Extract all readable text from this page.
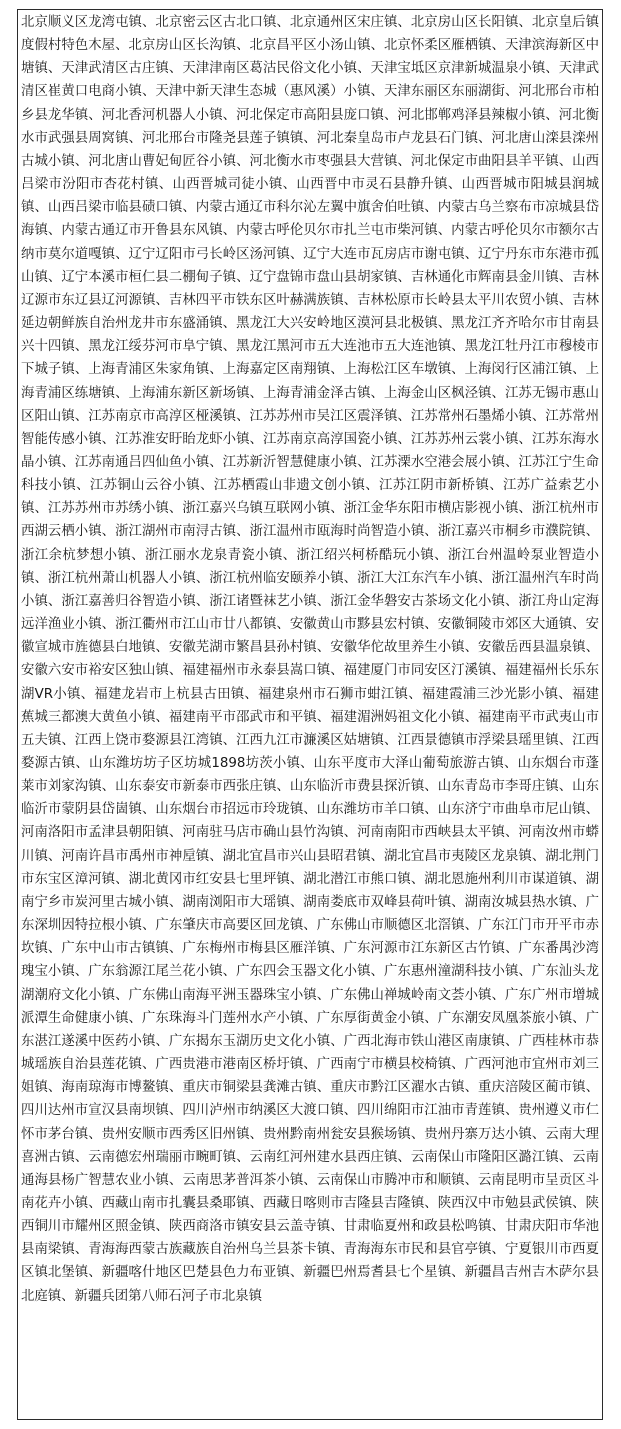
北京顺义区龙湾屯镇、北京密云区古北口镇、北京通州区宋庄镇、北京房山区长阳镇、北京皇后镇度假村特色木屋、北京房山区长沟镇、北京昌平区小汤山镇、北京怀柔区雁栖镇、天津滨海新区中塘镇、天津武清区古庄镇、天津津南区葛沽民俗文化小镇、天津宝坻区京津新城温泉小镇、天津武清区崔黄口电商小镇、天津中新天津生态城（惠风溪）小镇、天津东丽区东丽湖街、河北邢台市柏乡县龙华镇、河北香河机器人小镇、河北保定市高阳县庞口镇、河北邯郸鸡泽县辣椒小镇、河北衡水市武强县周窝镇、河北邢台市隆尧县莲子镇镇、河北秦皇岛市卢龙县石门镇、河北唐山滦县滦州古城小镇、河北唐山曹妃甸匠谷小镇、河北衡水市枣强县大营镇、河北保定市曲阳县羊平镇、山西吕梁市汾阳市杏花村镇、山西晋城司徒小镇、山西晋中市灵石县静升镇、山西晋城市阳城县润城镇、山西吕梁市临县碛口镇、内蒙古通辽市科尔沁左翼中旗舍伯吐镇、内蒙古乌兰察布市凉城县岱海镇、内蒙古通辽市开鲁县东风镇、内蒙古呼伦贝尔市扎兰屯市柴河镇、内蒙古呼伦贝尔市额尔古纳市莫尔道嘎镇、辽宁辽阳市弓长岭区汤河镇、辽宁大连市瓦房店市谢屯镇、辽宁丹东市东港市孤山镇、辽宁本溪市桓仁县二棚甸子镇、辽宁盘锦市盘山县胡家镇、吉林通化市辉南县金川镇、吉林辽源市东辽县辽河源镇、吉林四平市铁东区叶赫满族镇、吉林松原市长岭县太平川农贸小镇、吉林延边朝鲜族自治州龙井市东盛涌镇、黑龙江大兴安岭地区漠河县北极镇、黑龙江齐齐哈尔市甘南县兴十四镇、黑龙江绥芬河市阜宁镇、黑龙江黑河市五大连池市五大连池镇、黑龙江牡丹江市穆棱市下城子镇、上海青浦区朱家角镇、上海嘉定区南翔镇、上海松江区车墩镇、上海闵行区浦江镇、上海青浦区练塘镇、上海浦东新区新场镇、上海青浦金泽古镇、上海金山区枫泾镇、江苏无锡市惠山区阳山镇、江苏南京市高淳区桠溪镇、江苏苏州市吴江区震泽镇、江苏常州石墨烯小镇、江苏常州智能传感小镇、江苏淮安盱眙龙虾小镇、江苏南京高淳国瓷小镇、江苏苏州云裳小镇、江苏东海水晶小镇、江苏南通吕四仙鱼小镇、江苏新沂智慧健康小镇、江苏溧水空港会展小镇、江苏江宁生命科技小镇、江苏铜山云谷小镇、江苏栖霞山非遗文创小镇、江苏江阴市新桥镇、江苏广益索艺小镇、江苏苏州市苏绣小镇、浙江嘉兴乌镇互联网小镇、浙江金华东阳市横店影视小镇、浙江杭州市西湖云栖小镇、浙江湖州市南浔古镇、浙江温州市瓯海时尚智造小镇、浙江嘉兴市桐乡市濮院镇、浙江余杭梦想小镇、浙江丽水龙泉青瓷小镇、浙江绍兴柯桥酷玩小镇、浙江台州温岭泵业智造小镇、浙江杭州萧山机器人小镇、浙江杭州临安颐养小镇、浙江大江东汽车小镇、浙江温州汽车时尚小镇、浙江嘉善归谷智造小镇、浙江诸暨袜艺小镇、浙江金华磐安古茶场文化小镇、浙江舟山定海远洋渔业小镇、浙江衢州市江山市廿八都镇、安徽黄山市黟县宏村镇、安徽铜陵市郊区大通镇、安徽宣城市旌德县白地镇、安徽芜湖市繁昌县孙村镇、安徽华佗故里养生小镇、安徽岳西县温泉镇、安徽六安市裕安区独山镇、福建福州市永泰县嵩口镇、福建厦门市同安区汀溪镇、福建福州长乐东湖VR小镇、福建龙岩市上杭县古田镇、福建泉州市石狮市蚶江镇、福建霞浦三沙光影小镇、福建蕉城三都澳大黄鱼小镇、福建南平市邵武市和平镇、福建湄洲妈祖文化小镇、福建南平市武夷山市五夫镇、江西上饶市婺源县江湾镇、江西九江市濂溪区姑塘镇、江西景德镇市浮梁县瑶里镇、江西婺源古镇、山东潍坊坊子区坊城1898坊茨小镇、山东平度市大泽山葡萄旅游古镇、山东烟台市蓬莱市刘家沟镇、山东泰安市新泰市西张庄镇、山东临沂市费县探沂镇、山东青岛市李哥庄镇、山东临沂市蒙阴县岱崮镇、山东烟台市招远市玲珑镇、山东潍坊市羊口镇、山东济宁市曲阜市尼山镇、河南洛阳市孟津县朝阳镇、河南驻马店市确山县竹沟镇、河南南阳市西峡县太平镇、河南汝州市蟒川镇、河南许昌市禹州市神垕镇、湖北宜昌市兴山县昭君镇、湖北宜昌市夷陵区龙泉镇、湖北荆门市东宝区漳河镇、湖北黄冈市红安县七里坪镇、湖北潜江市熊口镇、湖北恩施州利川市谋道镇、湖南宁乡市炭河里古城小镇、湖南浏阳市大瑶镇、湖南娄底市双峰县荷叶镇、湖南汝城县热水镇、广东深圳因特拉根小镇、广东肇庆市高要区回龙镇、广东佛山市顺德区北滘镇、广东江门市开平市赤坎镇、广东中山市古镇镇、广东梅州市梅县区雁洋镇、广东河源市江东新区古竹镇、广东番禺沙湾瑰宝小镇、广东翁源江尾兰花小镇、广东四会玉器文化小镇、广东惠州潼湖科技小镇、广东汕头龙湖潮府文化小镇、广东佛山南海平洲玉器珠宝小镇、广东佛山禅城岭南文荟小镇、广东广州市增城派潭生命健康小镇、广东珠海斗门莲州水产小镇、广东厚街黄金小镇、广东潮安凤凰茶旅小镇、广东湛江遂溪中医药小镇、广东揭东玉湖历史文化小镇、广西北海市铁山港区南康镇、广西桂林市恭城瑶族自治县莲花镇、广西贵港市港南区桥圩镇、广西南宁市横县校椅镇、广西河池市宜州市刘三姐镇、海南琼海市博鳌镇、重庆市铜梁县龚滩古镇、重庆市黔江区濯水古镇、重庆涪陵区蔺市镇、四川达州市宣汉县南坝镇、四川泸州市纳溪区大渡口镇、四川绵阳市江油市青莲镇、贵州遵义市仁怀市茅台镇、贵州安顺市西秀区旧州镇、贵州黔南州瓮安县猴场镇、贵州丹寨万达小镇、云南大理喜洲古镇、云南德宏州瑞丽市畹町镇、云南红河州建水县西庄镇、云南保山市隆阳区潞江镇、云南通海县杨广智慧农业小镇、云南思茅普洱茶小镇、云南保山市腾冲市和顺镇、云南昆明市呈贡区斗南花卉小镇、西藏山南市扎囊县桑耶镇、西藏日喀则市吉隆县吉隆镇、陕西汉中市勉县武侯镇、陕西铜川市耀州区照金镇、陕西商洛市镇安县云盖寺镇、甘肃临夏州和政县松鸣镇、甘肃庆阳市华池县南梁镇、青海海西蒙古族藏族自治州乌兰县茶卡镇、青海海东市民和县官亭镇、宁夏银川市西夏区镇北堡镇、新疆喀什地区巴楚县色力布亚镇、新疆巴州焉耆县七个星镇、新疆昌吉州吉木萨尔县北庭镇、新疆兵团第八师石河子市北泉镇
